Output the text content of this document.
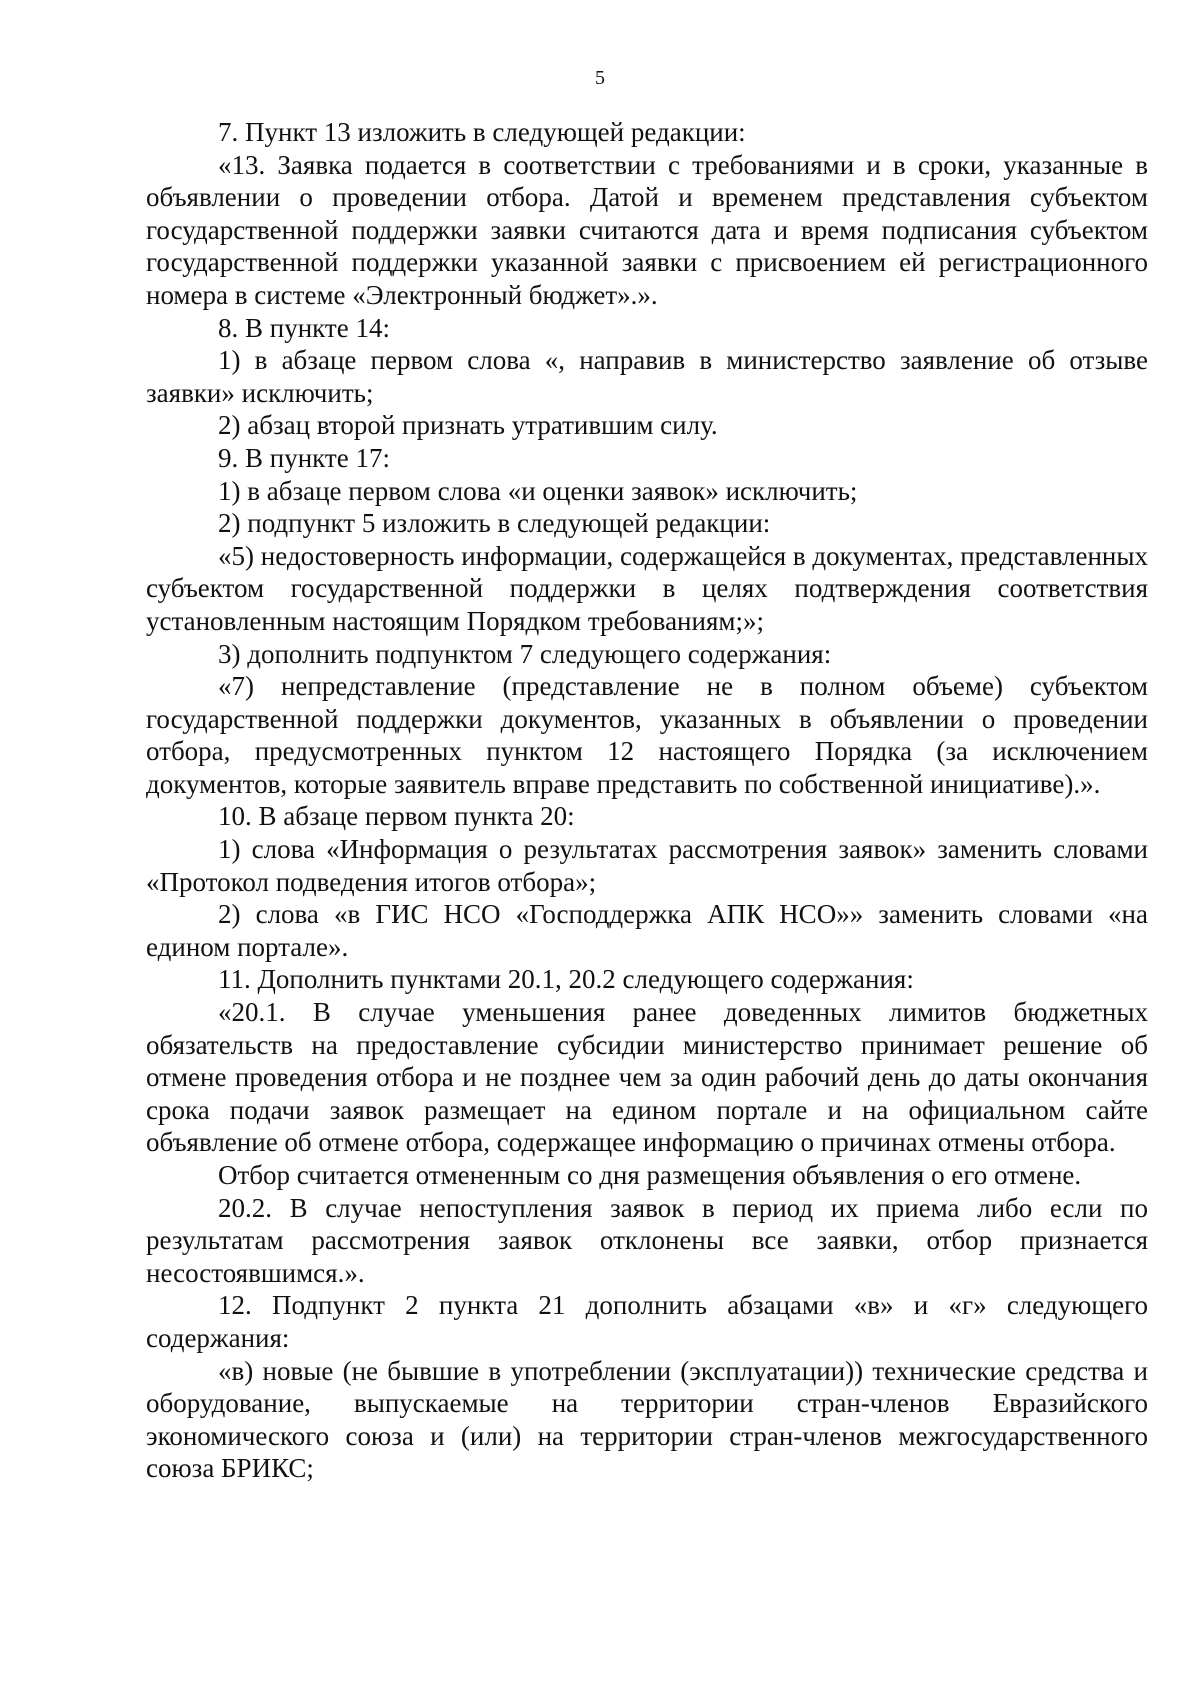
5

7. Пункт 13 изложить в следующей редакции:

«13. Заявка подается в соответствии с требованиями и в сроки, указанные в объявлении о проведении отбора. Датой и временем представления субъектом государственной поддержки заявки считаются дата и время подписания субъектом государственной поддержки указанной заявки с присвоением ей регистрационного номера в системе «Электронный бюджет».».

8. В пункте 14:

1) в абзаце первом слова «, направив в министерство заявление об отзыве заявки» исключить;

2) абзац второй признать утратившим силу.

9. В пункте 17:

1) в абзаце первом слова «и оценки заявок» исключить;

2) подпункт 5 изложить в следующей редакции:

«5) недостоверность информации, содержащейся в документах, представленных субъектом государственной поддержки в целях подтверждения соответствия установленным настоящим Порядком требованиям;»;

3) дополнить подпунктом 7 следующего содержания:

«7) непредставление (представление не в полном объеме) субъектом государственной поддержки документов, указанных в объявлении о проведении отбора, предусмотренных пунктом 12 настоящего Порядка (за исключением документов, которые заявитель вправе представить по собственной инициативе).».

10. В абзаце первом пункта 20:

1) слова «Информация о результатах рассмотрения заявок» заменить словами «Протокол подведения итогов отбора»;

2) слова «в ГИС НСО «Господдержка АПК НСО»» заменить словами «на едином портале».

11. Дополнить пунктами 20.1, 20.2 следующего содержания:

«20.1. В случае уменьшения ранее доведенных лимитов бюджетных обязательств на предоставление субсидии министерство принимает решение об отмене проведения отбора и не позднее чем за один рабочий день до даты окончания срока подачи заявок размещает на едином портале и на официальном сайте объявление об отмене отбора, содержащее информацию о причинах отмены отбора.

Отбор считается отмененным со дня размещения объявления о его отмене.

20.2. В случае непоступления заявок в период их приема либо если по результатам рассмотрения заявок отклонены все заявки, отбор признается несостоявшимся.».

12. Подпункт 2 пункта 21 дополнить абзацами «в» и «г» следующего содержания:

«в) новые (не бывшие в употреблении (эксплуатации)) технические средства и оборудование, выпускаемые на территории стран-членов Евразийского экономического союза и (или) на территории стран-членов межгосударственного союза БРИКС;
